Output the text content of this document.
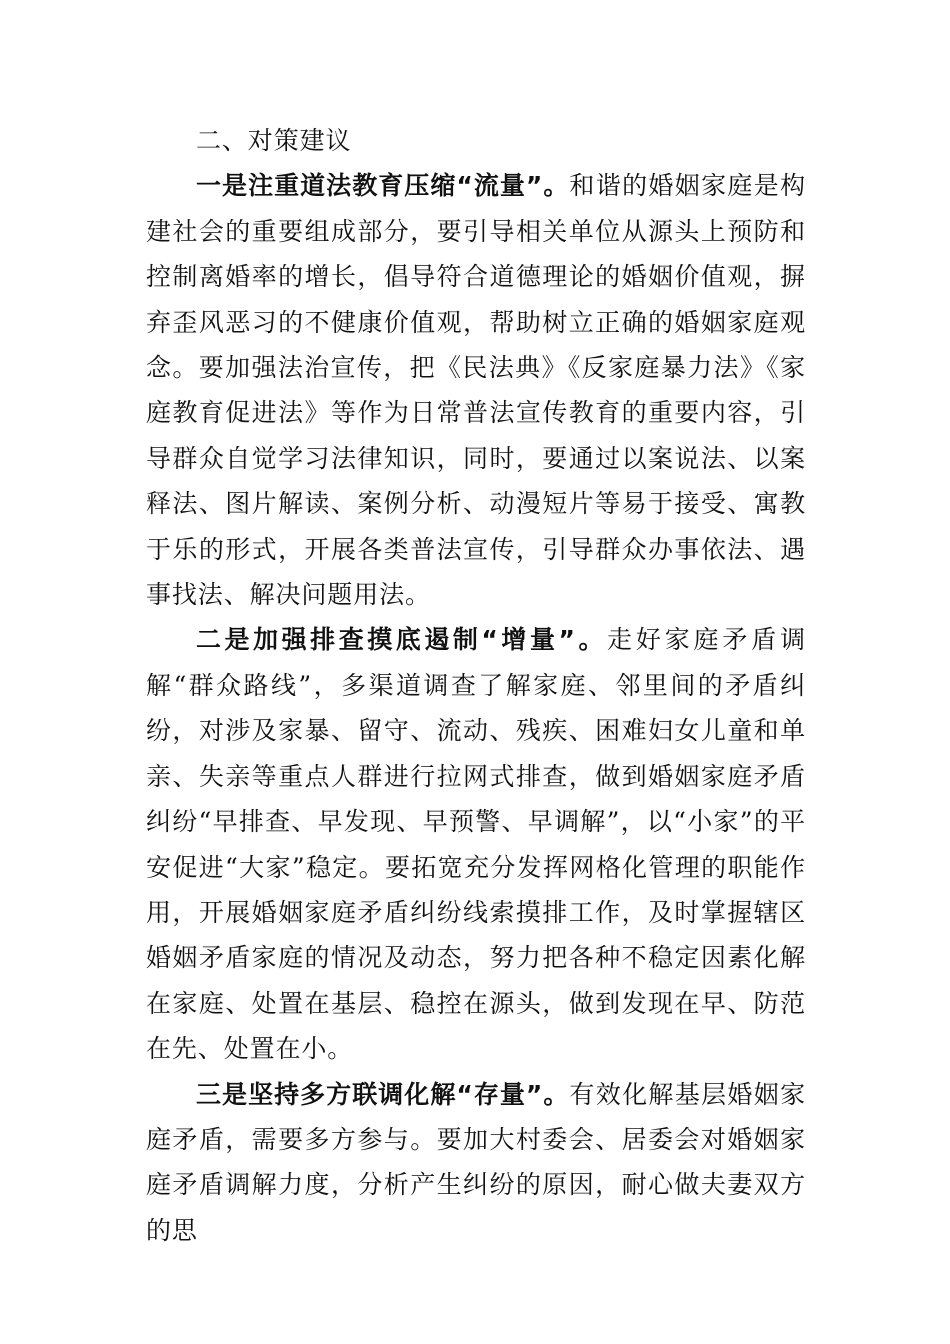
二、对策建议

一是注重道法教育压缩“流量”。和谐的婚姻家庭是构建社会的重要组成部分，要引导相关单位从源头上预防和控制离婚率的增长，倡导符合道德理论的婚姻价值观，摒弃歪风恶习的不健康价值观，帮助树立正确的婚姻家庭观念。要加强法治宣传，把《民法典》《反家庭暴力法》《家庭教育促进法》等作为日常普法宣传教育的重要内容，引导群众自觉学习法律知识，同时，要通过以案说法、以案释法、图片解读、案例分析、动漫短片等易于接受、寓教于乐的形式，开展各类普法宣传，引导群众办事依法、遇事找法、解决问题用法。

二是加强排查摸底遏制“增量”。走好家庭矛盾调解“群众路线”，多渠道调查了解家庭、邻里间的矛盾纠纷，对涉及家暴、留守、流动、残疾、困难妇女儿童和单亲、失亲等重点人群进行拉网式排查，做到婚姻家庭矛盾纠纷“早排查、早发现、早预警、早调解”，以“小家”的平安促进“大家”稳定。要拓宽充分发挥网格化管理的职能作用，开展婚姻家庭矛盾纠纷线索摸排工作，及时掌握辖区婚姻矛盾家庭的情况及动态，努力把各种不稳定因素化解在家庭、处置在基层、稳控在源头，做到发现在早、防范在先、处置在小。

三是坚持多方联调化解“存量”。有效化解基层婚姻家庭矛盾，需要多方参与。要加大村委会、居委会对婚姻家庭矛盾调解力度，分析产生纠纷的原因，耐心做夫妻双方的思
